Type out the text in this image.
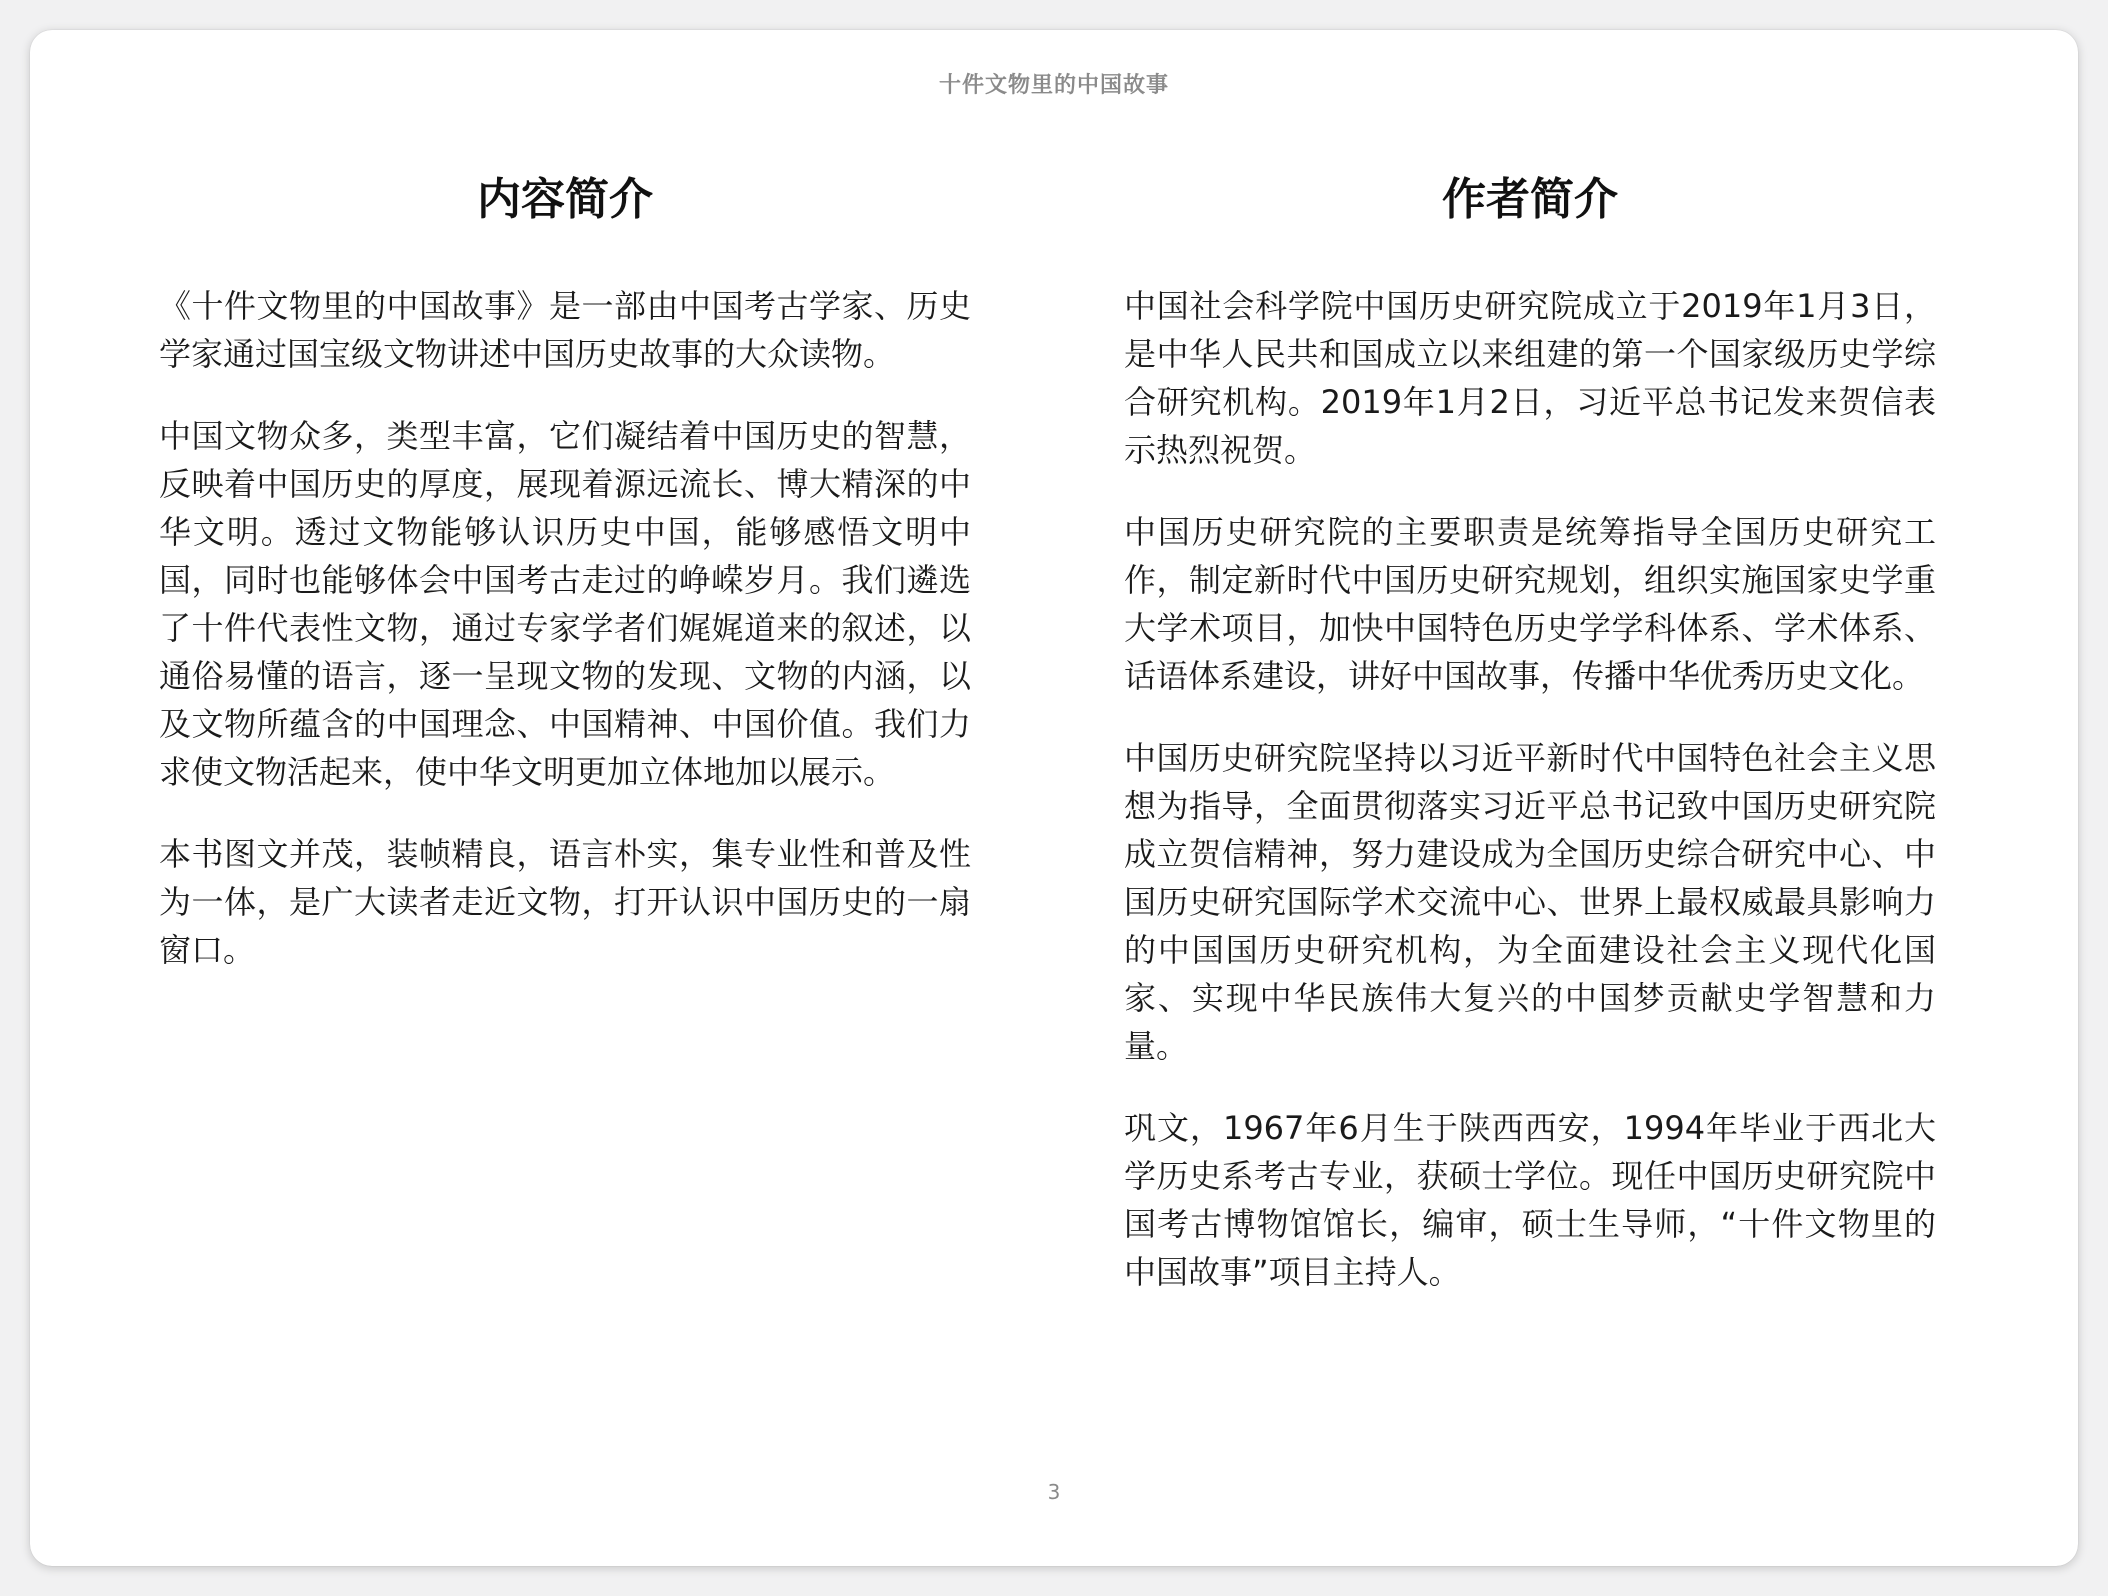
十件文物里的中国故事
内容简介

《十件文物里的中国故事》是一部由中国考古学家、历史学家通过国宝级文物讲述中国历史故事的大众读物。

中国文物众多，类型丰富，它们凝结着中国历史的智慧，反映着中国历史的厚度，展现着源远流长、博大精深的中华文明。透过文物能够认识历史中国，能够感悟文明中国，同时也能够体会中国考古走过的峥嵘岁月。我们遴选了十件代表性文物，通过专家学者们娓娓道来的叙述，以通俗易懂的语言，逐一呈现文物的发现、文物的内涵，以及文物所蕴含的中国理念、中国精神、中国价值。我们力求使文物活起来，使中华文明更加立体地加以展示。

本书图文并茂，装帧精良，语言朴实，集专业性和普及性为一体，是广大读者走近文物，打开认识中国历史的一扇窗口。

作者简介

中国社会科学院中国历史研究院成立于2019年1月3日，是中华人民共和国成立以来组建的第一个国家级历史学综合研究机构。2019年1月2日，习近平总书记发来贺信表示热烈祝贺。

中国历史研究院的主要职责是统筹指导全国历史研究工作，制定新时代中国历史研究规划，组织实施国家史学重大学术项目，加快中国特色历史学学科体系、学术体系、话语体系建设，讲好中国故事，传播中华优秀历史文化。

中国历史研究院坚持以习近平新时代中国特色社会主义思想为指导，全面贯彻落实习近平总书记致中国历史研究院成立贺信精神，努力建设成为全国历史综合研究中心、中国历史研究国际学术交流中心、世界上最权威最具影响力的中国国历史研究机构，为全面建设社会主义现代化国家、实现中华民族伟大复兴的中国梦贡献史学智慧和力量。

巩文，1967年6月生于陕西西安，1994年毕业于西北大学历史系考古专业，获硕士学位。现任中国历史研究院中国考古博物馆馆长，编审，硕士生导师，“十件文物里的中国故事”项目主持人。

3
